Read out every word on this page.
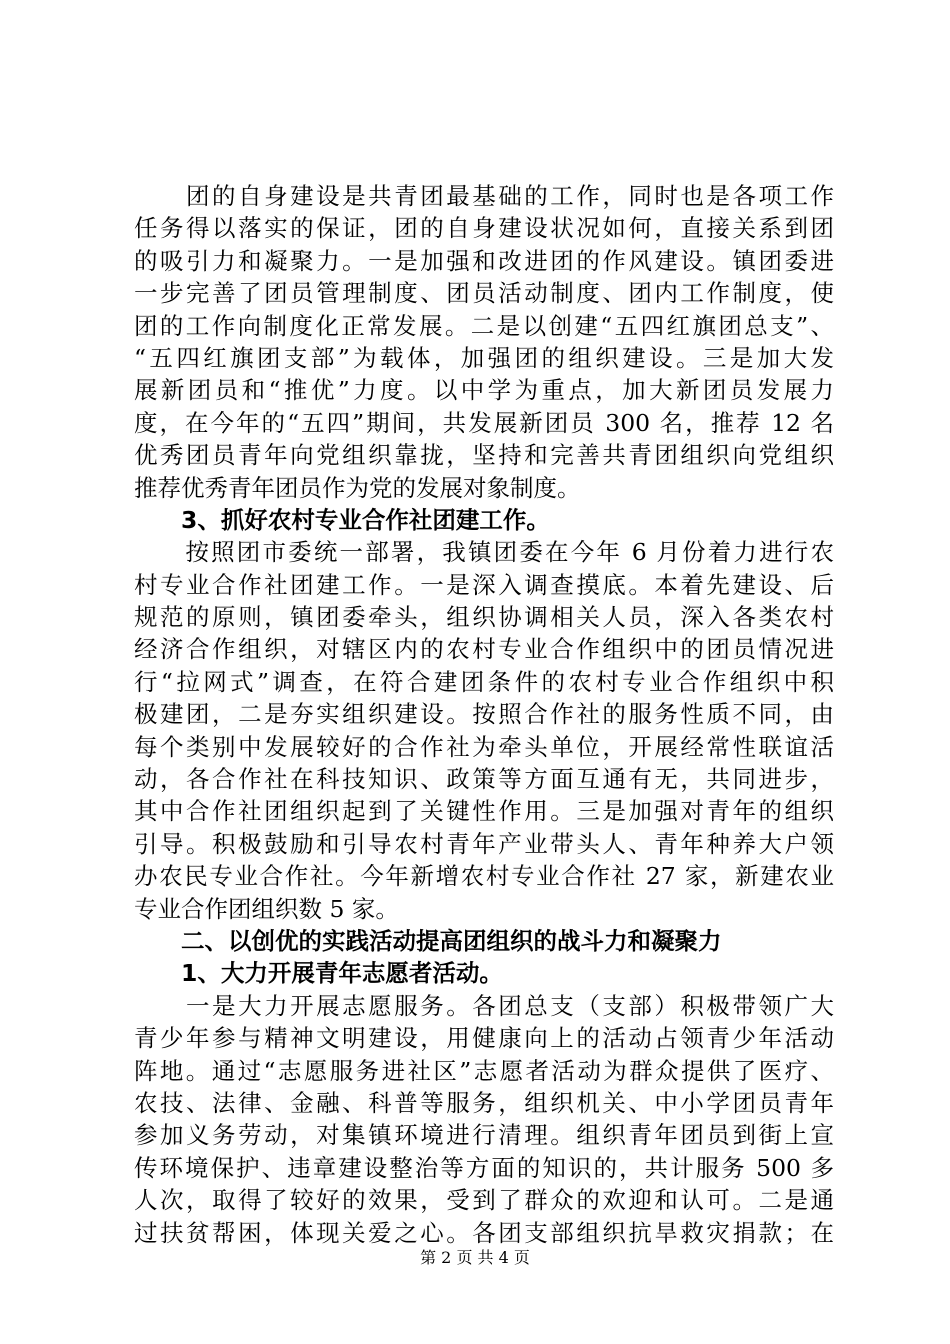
　　团的自身建设是共青团最基础的工作，同时也是各项工作
任务得以落实的保证，团的自身建设状况如何，直接关系到团
的吸引力和凝聚力。一是加强和改进团的作风建设。镇团委进
一步完善了团员管理制度、团员活动制度、团内工作制度，使
团的工作向制度化正常发展。二是以创建“五四红旗团总支”、
“五四红旗团支部”为载体，加强团的组织建设。三是加大发
展新团员和“推优”力度。以中学为重点，加大新团员发展力
度，在今年的“五四”期间，共发展新团员 300 名，推荐 12 名
优秀团员青年向党组织靠拢，坚持和完善共青团组织向党组织
推荐优秀青年团员作为党的发展对象制度。
　　3、抓好农村专业合作社团建工作。
　　按照团市委统一部署，我镇团委在今年 6 月份着力进行农
村专业合作社团建工作。一是深入调查摸底。本着先建设、后
规范的原则，镇团委牵头，组织协调相关人员，深入各类农村
经济合作组织，对辖区内的农村专业合作组织中的团员情况进
行“拉网式”调查，在符合建团条件的农村专业合作组织中积
极建团，二是夯实组织建设。按照合作社的服务性质不同，由
每个类别中发展较好的合作社为牵头单位，开展经常性联谊活
动，各合作社在科技知识、政策等方面互通有无，共同进步，
其中合作社团组织起到了关键性作用。三是加强对青年的组织
引导。积极鼓励和引导农村青年产业带头人、青年种养大户领
办农民专业合作社。今年新增农村专业合作社 27 家，新建农业
专业合作团组织数 5 家。
　　二、以创优的实践活动提高团组织的战斗力和凝聚力
　　1、大力开展青年志愿者活动。
　　一是大力开展志愿服务。各团总支（支部）积极带领广大
青少年参与精神文明建设，用健康向上的活动占领青少年活动
阵地。通过“志愿服务进社区”志愿者活动为群众提供了医疗、
农技、法律、金融、科普等服务，组织机关、中小学团员青年
参加义务劳动，对集镇环境进行清理。组织青年团员到街上宣
传环境保护、违章建设整治等方面的知识的，共计服务 500 多
人次，取得了较好的效果，受到了群众的欢迎和认可。二是通
过扶贫帮困，体现关爱之心。各团支部组织抗旱救灾捐款；在
第 2 页 共 4 页
